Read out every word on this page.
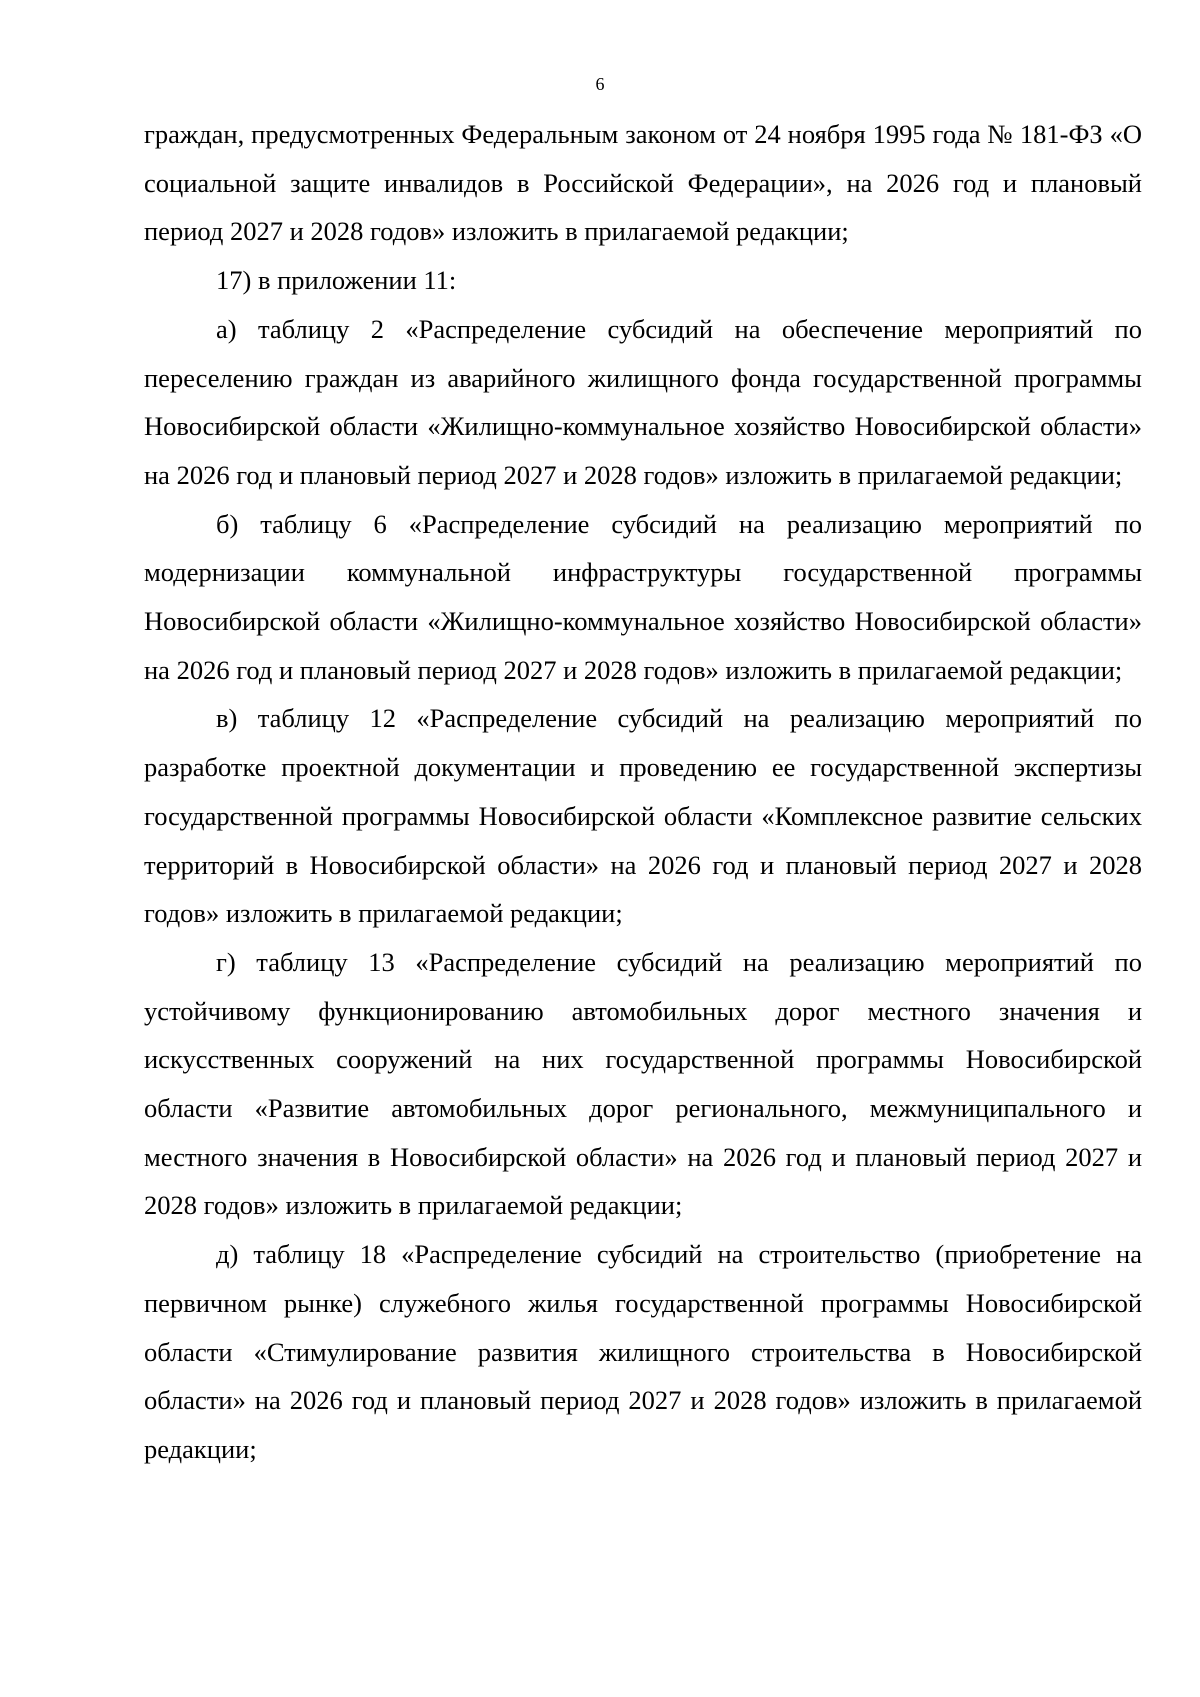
6

граждан, предусмотренных Федеральным законом от 24 ноября 1995 года № 181-ФЗ «О социальной защите инвалидов в Российской Федерации», на 2026 год и плановый период 2027 и 2028 годов» изложить в прилагаемой редакции;

17) в приложении 11:

а) таблицу 2 «Распределение субсидий на обеспечение мероприятий по переселению граждан из аварийного жилищного фонда государственной программы Новосибирской области «Жилищно-коммунальное хозяйство Новосибирской области» на 2026 год и плановый период 2027 и 2028 годов» изложить в прилагаемой редакции;

б) таблицу 6 «Распределение субсидий на реализацию мероприятий по модернизации коммунальной инфраструктуры государственной программы Новосибирской области «Жилищно-коммунальное хозяйство Новосибирской области» на 2026 год и плановый период 2027 и 2028 годов» изложить в прилагаемой редакции;

в) таблицу 12 «Распределение субсидий на реализацию мероприятий по разработке проектной документации и проведению ее государственной экспертизы государственной программы Новосибирской области «Комплексное развитие сельских территорий в Новосибирской области» на 2026 год и плановый период 2027 и 2028 годов» изложить в прилагаемой редакции;

г) таблицу 13 «Распределение субсидий на реализацию мероприятий по устойчивому функционированию автомобильных дорог местного значения и искусственных сооружений на них государственной программы Новосибирской области «Развитие автомобильных дорог регионального, межмуниципального и местного значения в Новосибирской области» на 2026 год и плановый период 2027 и 2028 годов» изложить в прилагаемой редакции;

д) таблицу 18 «Распределение субсидий на строительство (приобретение на первичном рынке) служебного жилья государственной программы Новосибирской области «Стимулирование развития жилищного строительства в Новосибирской области» на 2026 год и плановый период 2027 и 2028 годов» изложить в прилагаемой редакции;
